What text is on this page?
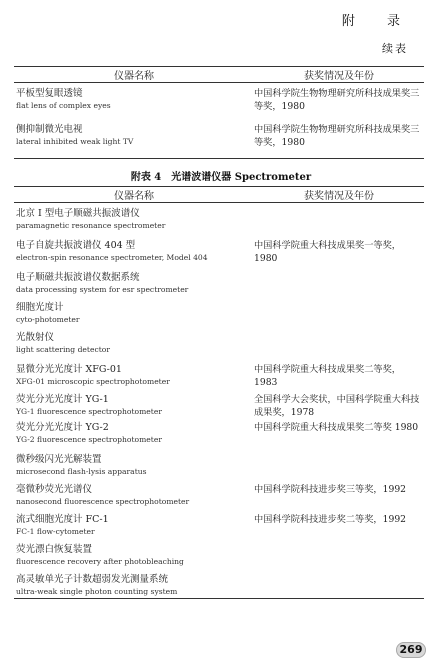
附 录
续表
仪器名称	获奖情况及年份

平板型复眼透镜
flat lens of complex eyes	中国科学院生物物理研究所科技成果奖三等奖，1980

侧抑制微光电视
lateral inhibited weak light TV	中国科学院生物物理研究所科技成果奖三等奖，1980
附表 4　光谱波谱仪器 Spectrometer
仪器名称	获奖情况及年份

北京 I 型电子顺磁共振波谱仪
paramagnetic resonance spectrometer	

电子自旋共振波谱仪 404 型
electron-spin resonance spectrometer, Model 404	中国科学院重大科技成果奖一等奖，1980

电子顺磁共振波谱仪数据系统
data processing system for esr spectrometer	

细胞光度计
cyto-photometer	

光散射仪
light scattering detector	

显微分光光度计 XFG-01
XFG-01 microscopic spectrophotometer	中国科学院重大科技成果奖二等奖，1983

荧光分光光度计 YG-1
YG-1 fluorescence spectrophotometer	全国科学大会奖状，中国科学院重大科技成果奖，1978

荧光分光光度计 YG-2
YG-2 fluorescence spectrophotometer	中国科学院重大科技成果奖二等奖 1980

微秒级闪光光解装置
microsecond flash-lysis apparatus	

毫微秒荧光光谱仪
nanosecond fluorescence spectrophotometer	中国科学院科技进步奖三等奖，1992

流式细胞光度计 FC-1
FC-1 flow-cytometer	中国科学院科技进步奖二等奖，1992

荧光漂白恢复装置
fluorescence recovery after photobleaching	

高灵敏单光子计数超弱发光测量系统
ultra-weak single photon counting system	

269
